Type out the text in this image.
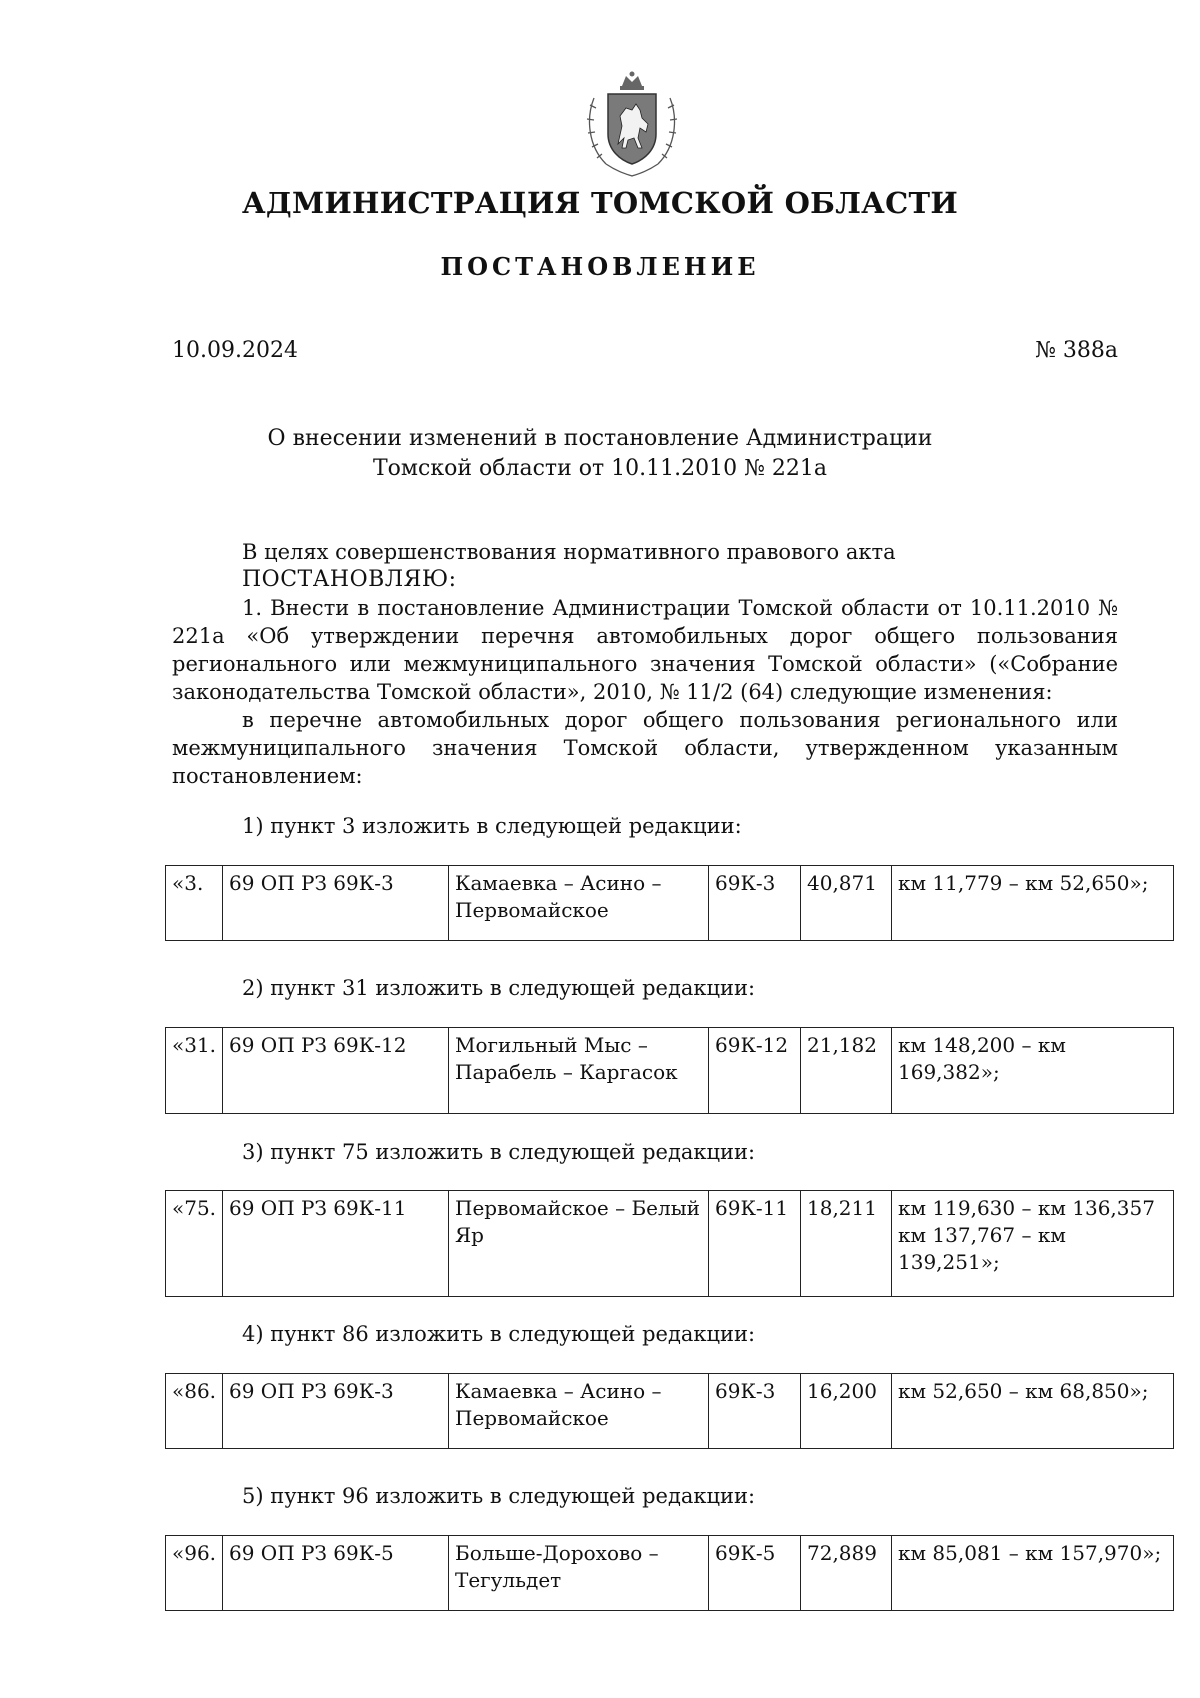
АДМИНИСТРАЦИЯ ТОМСКОЙ ОБЛАСТИ
ПОСТАНОВЛЕНИЕ
10.09.2024	№ 388а
О внесении изменений в постановление Администрации
Томской области от 10.11.2010 № 221а

В целях совершенствования нормативного правового акта

ПОСТАНОВЛЯЮ:

1. Внести в постановление Администрации Томской области от 10.11.2010 № 221а «Об утверждении перечня автомобильных дорог общего пользования регионального или межмуниципального значения Томской области» («Собрание законодательства Томской области», 2010, № 11/2 (64) следующие изменения:

в перечне автомобильных дорог общего пользования регионального или межмуниципального значения Томской области, утвержденном указанным постановлением:

1) пункт 3 изложить в следующей редакции:
«3.	69 ОП РЗ 69К-3	Камаевка – Асино – Первомайское	69К-3	40,871	км 11,779 – км 52,650»;
2) пункт 31 изложить в следующей редакции:
«31.	69 ОП РЗ 69К-12	Могильный Мыс – Парабель – Каргасок	69К-12	21,182	км 148,200 – км 169,382»;
3) пункт 75 изложить в следующей редакции:
«75.	69 ОП РЗ 69К-11	Первомайское – Белый Яр	69К-11	18,211	км 119,630 – км 136,357 км 137,767 – км 139,251»;
4) пункт 86 изложить в следующей редакции:
«86.	69 ОП РЗ 69К-3	Камаевка – Асино – Первомайское	69К-3	16,200	км 52,650 – км 68,850»;
5) пункт 96 изложить в следующей редакции:
«96.	69 ОП РЗ 69К-5	Больше-Дорохово – Тегульдет	69К-5	72,889	км 85,081 – км 157,970»;
